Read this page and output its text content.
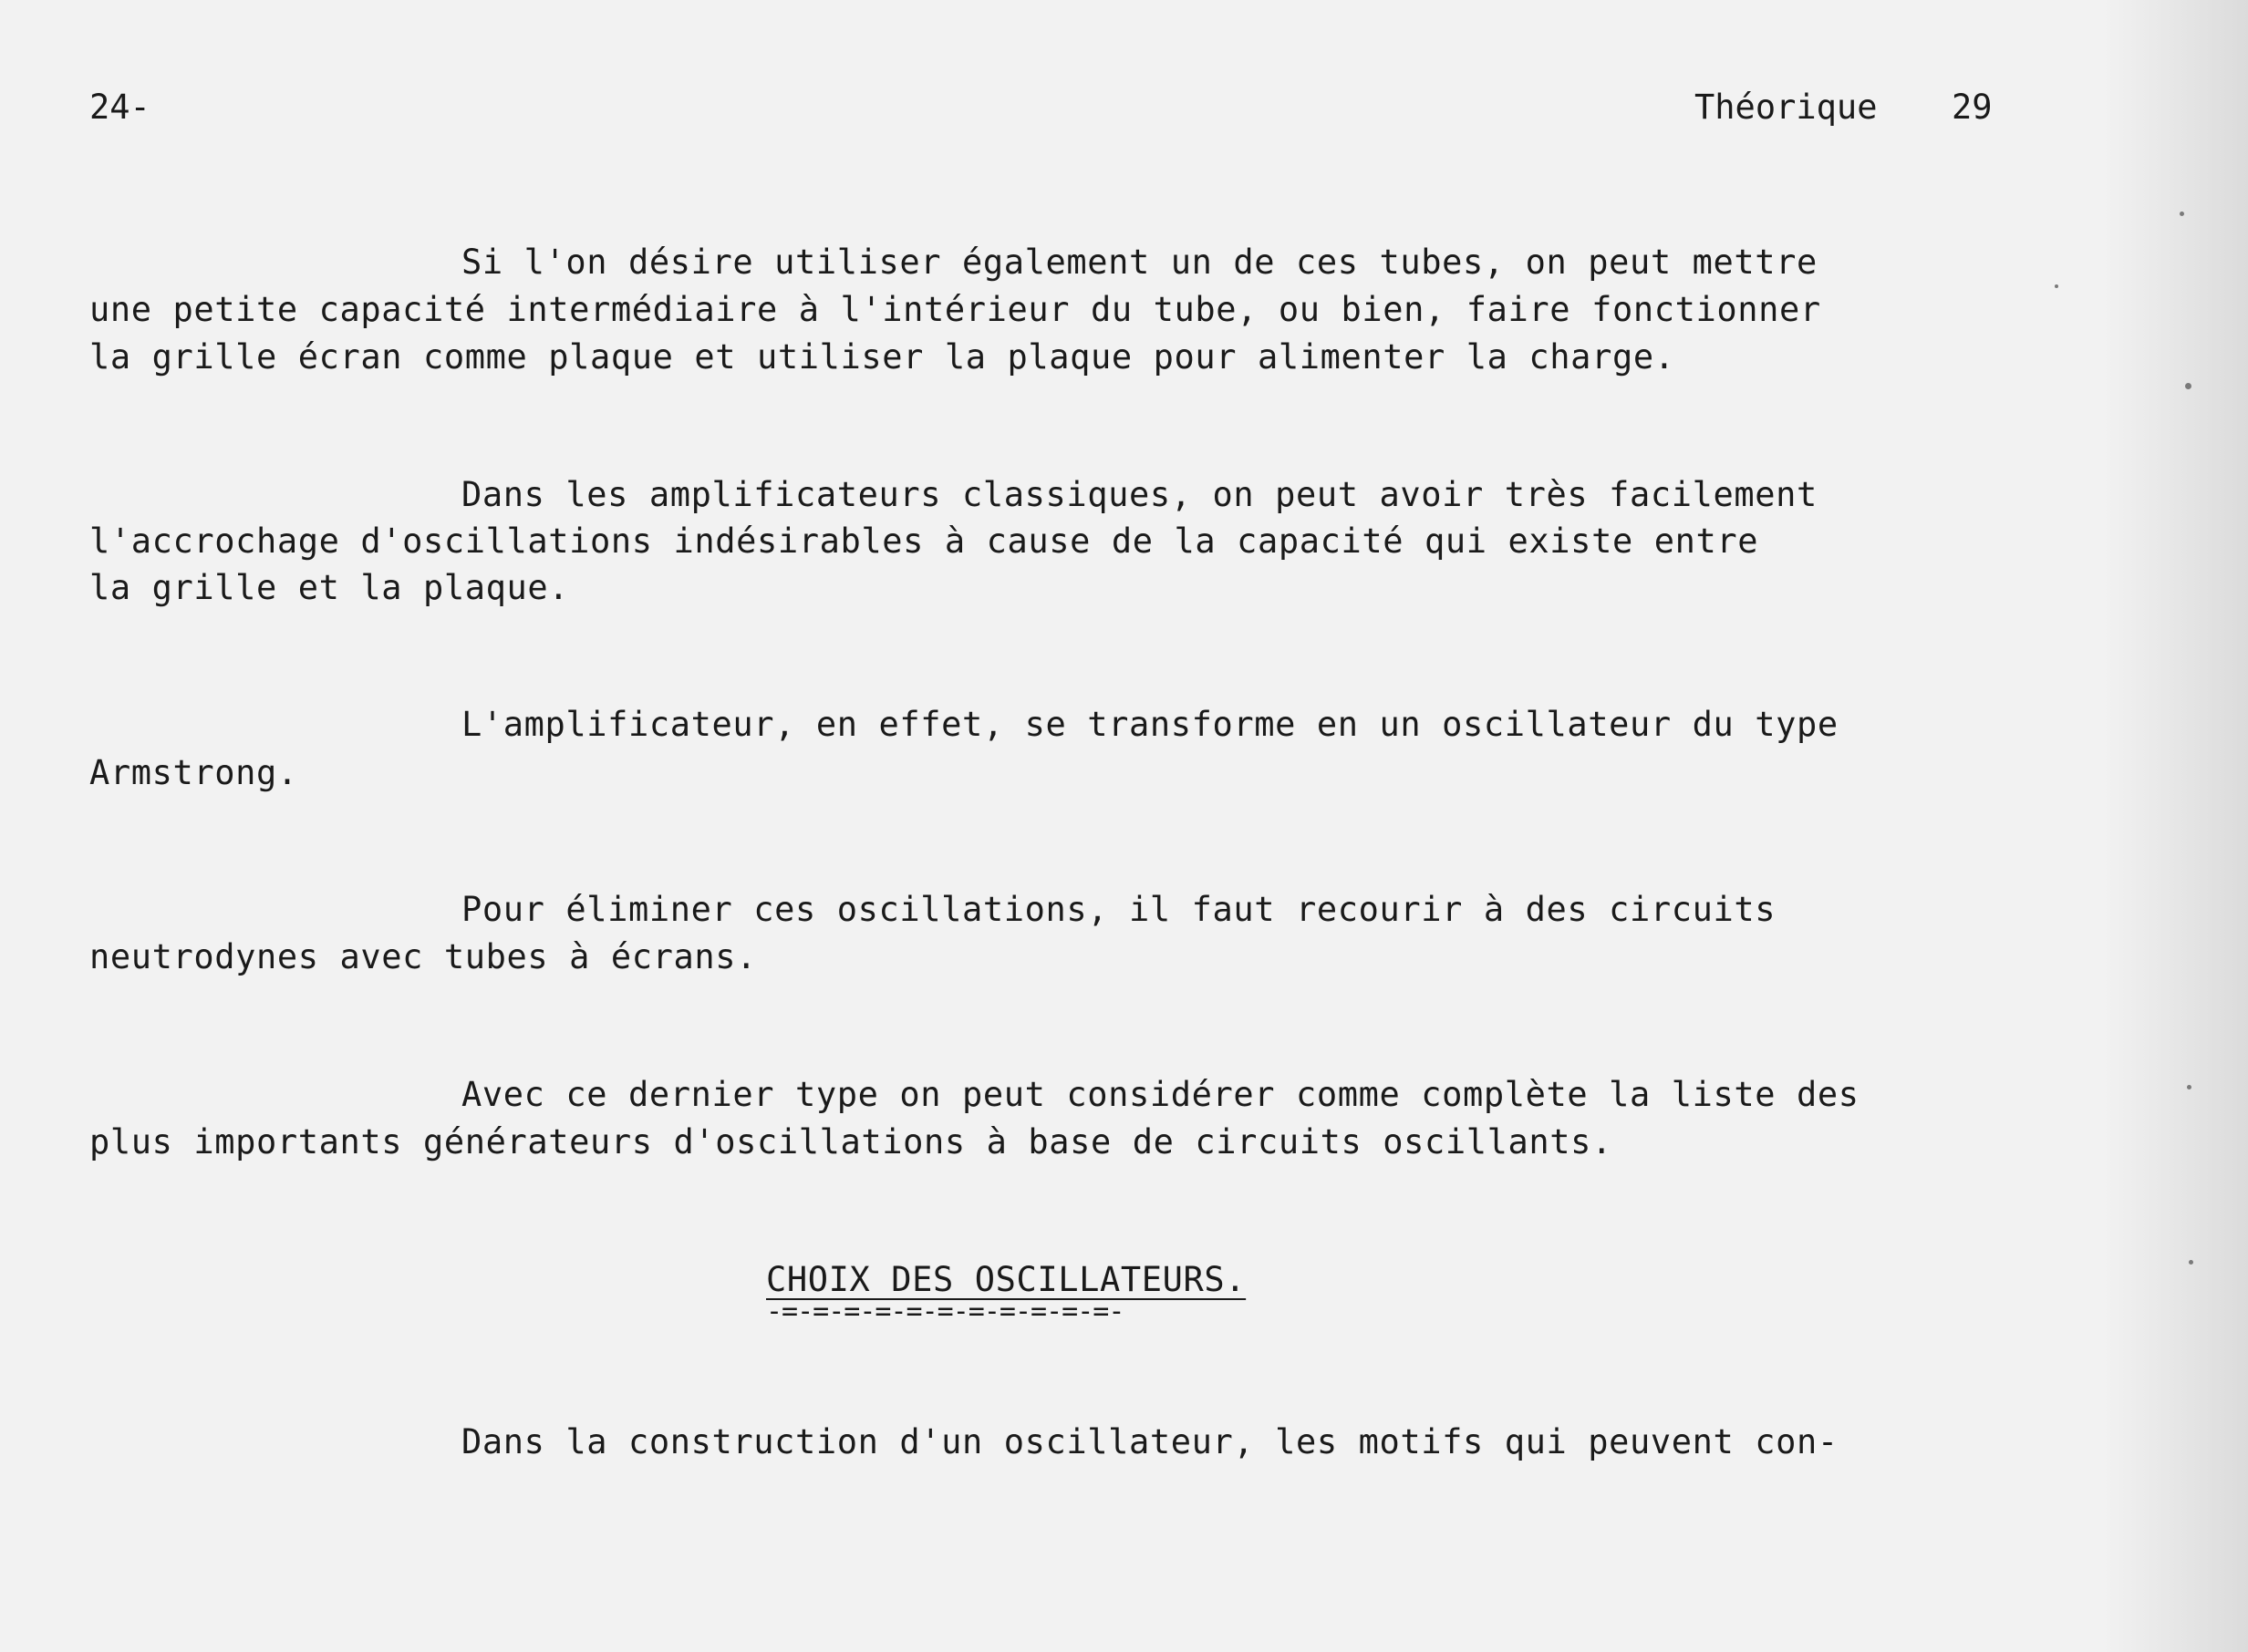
24-	Théorique 29
Si l'on désire utiliser également un de ces tubes, on peut mettre
une petite capacité intermédiaire à l'intérieur du tube, ou bien, faire fonctionner
la grille écran comme plaque et utiliser la plaque pour alimenter la charge.
Dans les amplificateurs classiques, on peut avoir très facilement
l'accrochage d'oscillations indésirables à cause de la capacité qui existe entre
la grille et la plaque.
L'amplificateur, en effet, se transforme en un oscillateur du type
Armstrong.
Pour éliminer ces oscillations, il faut recourir à des circuits
neutrodynes avec tubes à écrans.
Avec ce dernier type on peut considérer comme complète la liste des
plus importants générateurs d'oscillations à base de circuits oscillants.
CHOIX DES OSCILLATEURS.
-=-=-=-=-=-=-=-=-=-=-=-
Dans la construction d'un oscillateur, les motifs qui peuvent con-
